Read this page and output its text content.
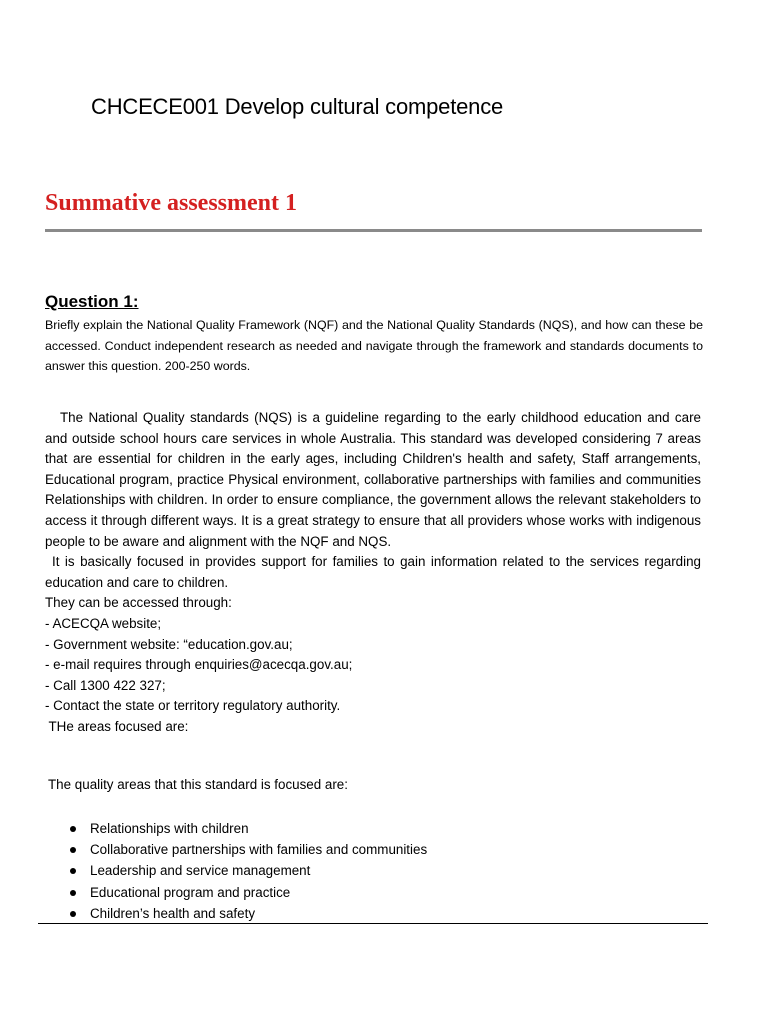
CHCECE001 Develop cultural competence
Summative assessment 1
Question 1:
Briefly explain the National Quality Framework (NQF) and the National Quality Standards (NQS), and how can these be accessed. Conduct independent research as needed and navigate through the framework and standards documents to answer this question. 200-250 words.

The National Quality standards (NQS) is a guideline regarding to the early childhood education and care and outside school hours care services in whole Australia. This standard was developed considering 7 areas that are essential for children in the early ages, including Children's health and safety, Staff arrangements, Educational program, practice Physical environment, collaborative partnerships with families and communities Relationships with children. In order to ensure compliance, the government allows the relevant stakeholders to access it through different ways. It is a great strategy to ensure that all providers whose works with indigenous people to be aware and alignment with the NQF and NQS.

It is basically focused in provides support for families to gain information related to the services regarding education and care to children.

They can be accessed through:

- ACECQA website;

- Government website: “education.gov.au;

- e-mail requires through enquiries@acecqa.gov.au;

- Call 1300 422 327;

- Contact the state or territory regulatory authority.

THe areas focused are:

The quality areas that this standard is focused are:
Relationships with children
Collaborative partnerships with families and communities
Leadership and service management
Educational program and practice
Children’s health and safety
